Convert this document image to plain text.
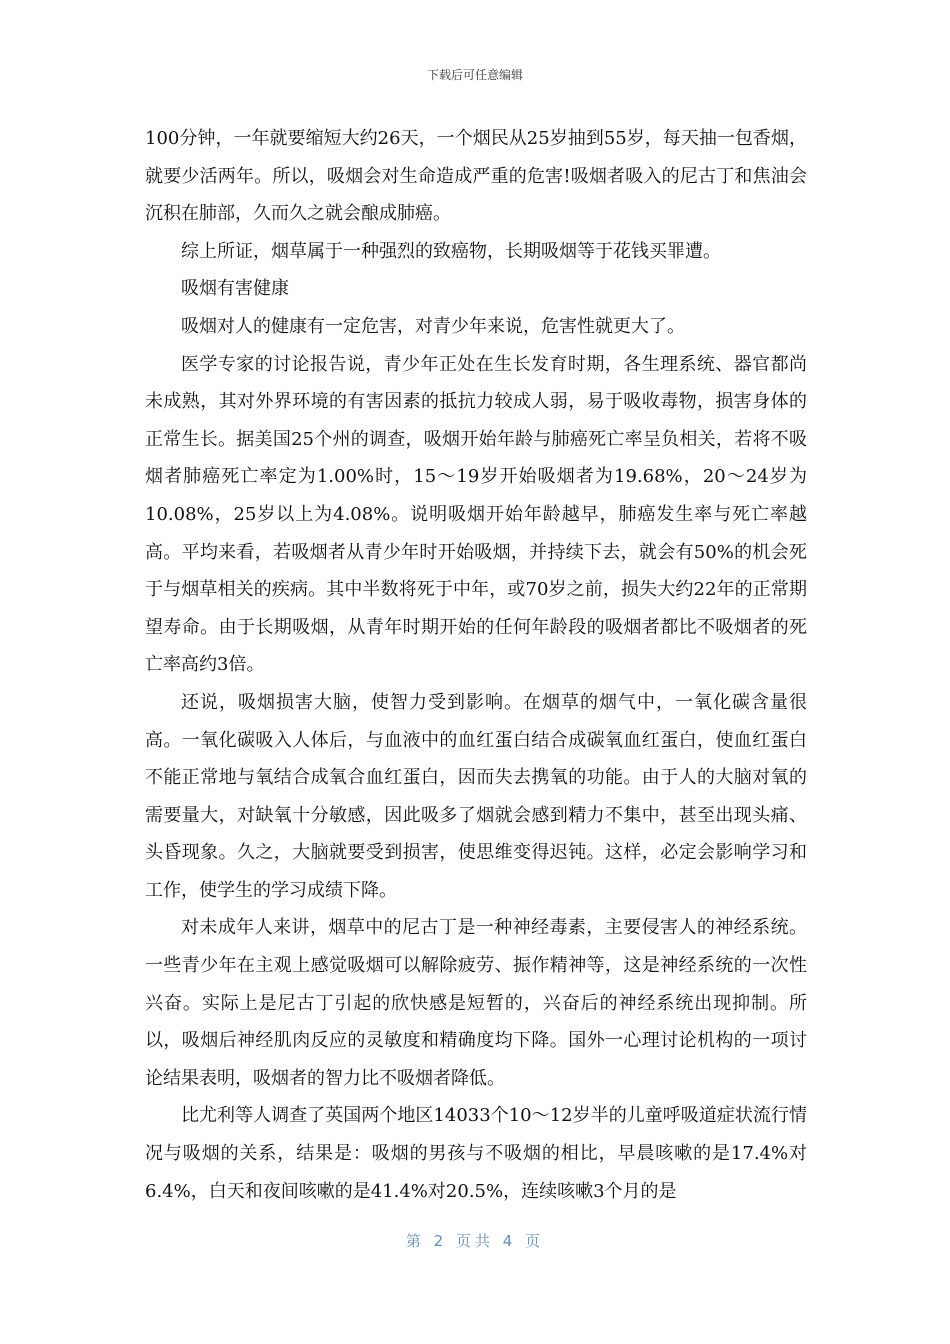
下载后可任意编辑

100分钟，一年就要缩短大约26天，一个烟民从25岁抽到55岁，每天抽一包香烟，就要少活两年。所以，吸烟会对生命造成严重的危害!吸烟者吸入的尼古丁和焦油会沉积在肺部，久而久之就会酿成肺癌。

综上所证，烟草属于一种强烈的致癌物，长期吸烟等于花钱买罪遭。

吸烟有害健康

吸烟对人的健康有一定危害，对青少年来说，危害性就更大了。

医学专家的讨论报告说，青少年正处在生长发育时期，各生理系统、器官都尚未成熟，其对外界环境的有害因素的抵抗力较成人弱，易于吸收毒物，损害身体的正常生长。据美国25个州的调查，吸烟开始年龄与肺癌死亡率呈负相关，若将不吸烟者肺癌死亡率定为1.00%时，15～19岁开始吸烟者为19.68%，20～24岁为10.08%，25岁以上为4.08%。说明吸烟开始年龄越早，肺癌发生率与死亡率越高。平均来看，若吸烟者从青少年时开始吸烟，并持续下去，就会有50%的机会死于与烟草相关的疾病。其中半数将死于中年，或70岁之前，损失大约22年的正常期望寿命。由于长期吸烟，从青年时期开始的任何年龄段的吸烟者都比不吸烟者的死亡率高约3倍。

还说，吸烟损害大脑，使智力受到影响。在烟草的烟气中，一氧化碳含量很高。一氧化碳吸入人体后，与血液中的血红蛋白结合成碳氧血红蛋白，使血红蛋白不能正常地与氧结合成氧合血红蛋白，因而失去携氧的功能。由于人的大脑对氧的需要量大，对缺氧十分敏感，因此吸多了烟就会感到精力不集中，甚至出现头痛、头昏现象。久之，大脑就要受到损害，使思维变得迟钝。这样，必定会影响学习和工作，使学生的学习成绩下降。

对未成年人来讲，烟草中的尼古丁是一种神经毒素，主要侵害人的神经系统。一些青少年在主观上感觉吸烟可以解除疲劳、振作精神等，这是神经系统的一次性兴奋。实际上是尼古丁引起的欣快感是短暂的，兴奋后的神经系统出现抑制。所以，吸烟后神经肌肉反应的灵敏度和精确度均下降。国外一心理讨论机构的一项讨论结果表明，吸烟者的智力比不吸烟者降低。

比尤利等人调查了英国两个地区14033个10～12岁半的儿童呼吸道症状流行情况与吸烟的关系，结果是：吸烟的男孩与不吸烟的相比，早晨咳嗽的是17.4%对6.4%，白天和夜间咳嗽的是41.4%对20.5%，连续咳嗽3个月的是

第 2 页共 4 页
